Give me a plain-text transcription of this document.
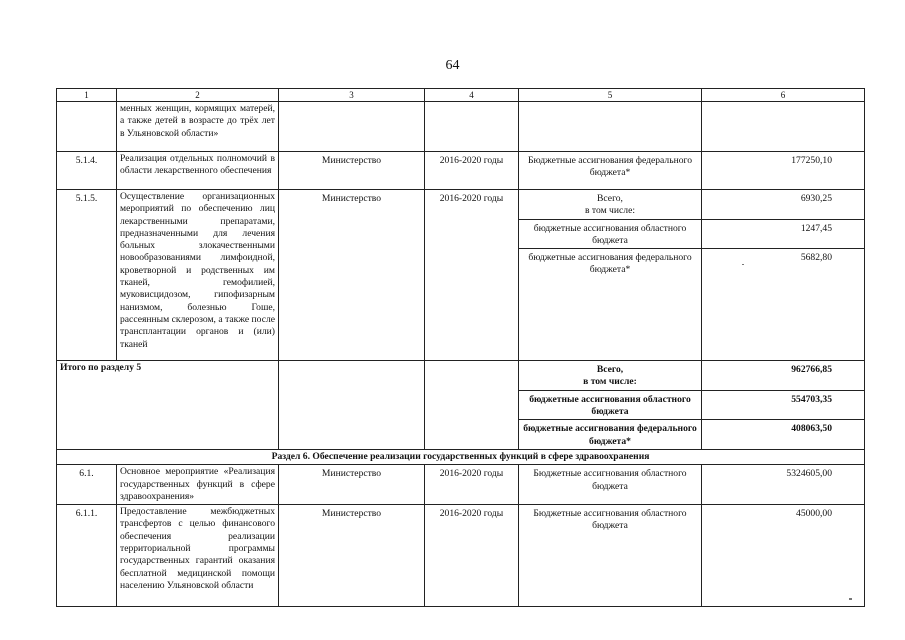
64
1	2	3	4	5	6
	менных женщин, кормящих матерей, а также детей в возрасте до трёх лет в Ульяновской области»				
5.1.4.	Реализация отдельных полномочий в области лекарственного обеспечения	Министерство	2016-2020 годы	Бюджетные ассигнования федерального бюджета*	177250,10
5.1.5.	Осуществление организационных мероприятий по обеспечению лиц лекарственными препаратами, предназначенными для лечения больных злокачественными новообразованиями лимфоидной, кроветворной и родственных им тканей, гемофилией, муковисцидозом, гипофизарным нанизмом, болезнью Гоше, рассеянным склерозом, а также после трансплантации органов и (или) тканей	Министерство	2016-2020 годы	Всего,
в том числе:	6930,25
				бюджетные ассигнования областного бюджета	1247,45
				бюджетные ассигнования федерального бюджета*	5682,80
Итого по разделу 5				Всего,
в том числе:	962766,85
				бюджетные ассигнования областного бюджета	554703,35
				бюджетные ассигнования федерального бюджета*	408063,50
Раздел 6. Обеспечение реализации государственных функций в сфере здравоохранения					
6.1.	Основное мероприятие «Реализация государственных функций в сфере здравоохранения»	Министерство	2016-2020 годы	Бюджетные ассигнования областного бюджета	5324605,00
6.1.1.	Предоставление межбюджетных трансфертов с целью финансового обеспечения реализации территориальной программы государственных гарантий оказания бесплатной медицинской помощи населению Ульяновской области	Министерство	2016-2020 годы	Бюджетные ассигнования областного бюджета	45000,00
